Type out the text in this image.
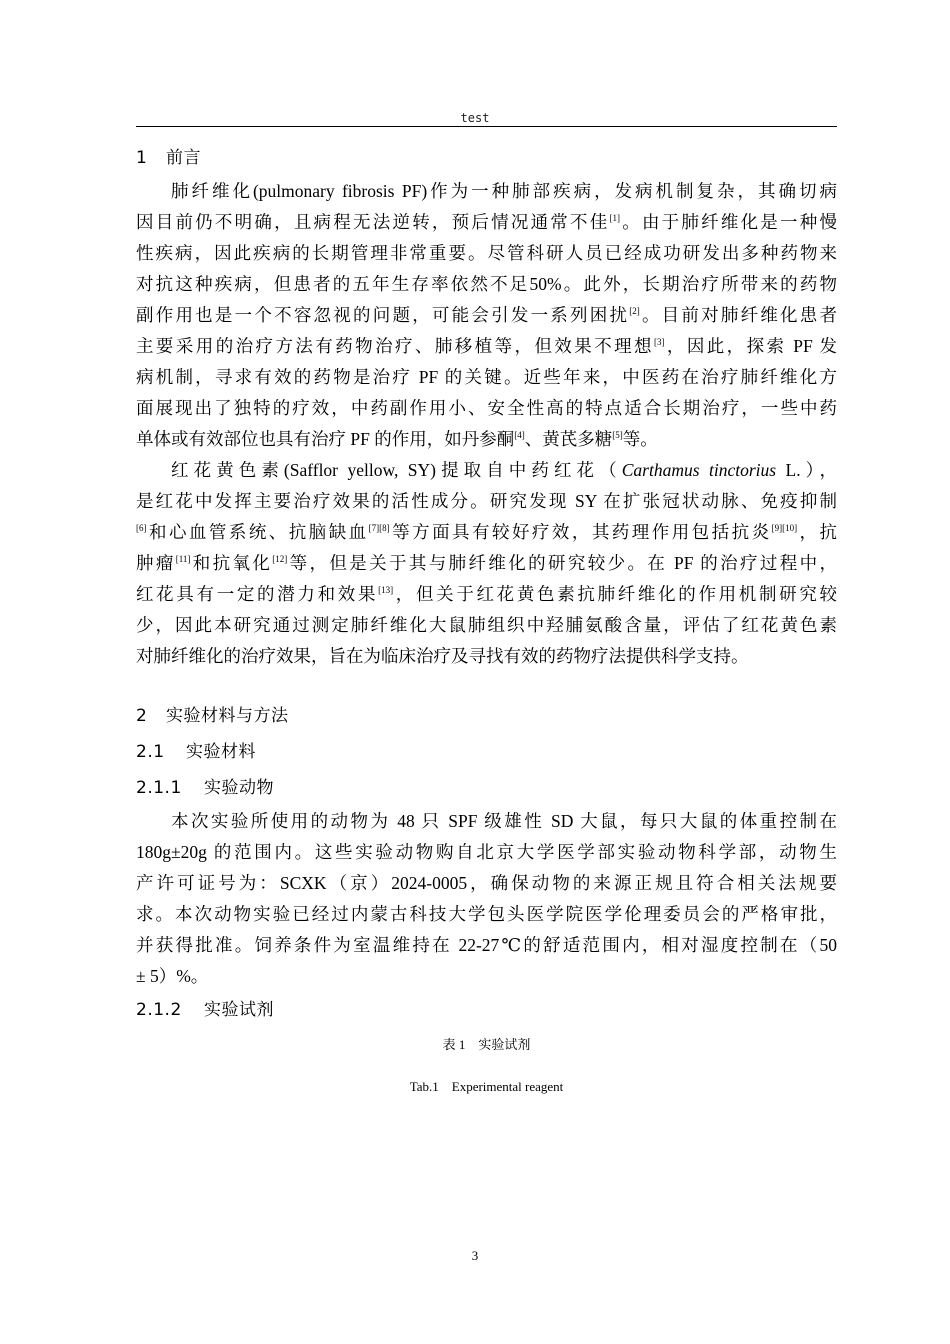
test
1 前言

肺纤维化(pulmonary fibrosis PF)作为一种肺部疾病，发病机制复杂，其确切病
因目前仍不明确，且病程无法逆转，预后情况通常不佳[1]。由于肺纤维化是一种慢
性疾病，因此疾病的长期管理非常重要。尽管科研人员已经成功研发出多种药物来
对抗这种疾病，但患者的五年生存率依然不足50%。此外，长期治疗所带来的药物
副作用也是一个不容忽视的问题，可能会引发一系列困扰[2]。目前对肺纤维化患者
主要采用的治疗方法有药物治疗、肺移植等，但效果不理想[3]，因此，探索 PF 发
病机制，寻求有效的药物是治疗 PF 的关键。近些年来，中医药在治疗肺纤维化方
面展现出了独特的疗效，中药副作用小、安全性高的特点适合长期治疗，一些中药
单体或有效部位也具有治疗 PF 的作用，如丹参酮[4]、黄芪多糖[5]等。

红花黄色素(Safflor yellow, SY)提取自中药红花（Carthamus tinctorius L.），
是红花中发挥主要治疗效果的活性成分。研究发现 SY 在扩张冠状动脉、免疫抑制
[6]和心血管系统、抗脑缺血[7][8]等方面具有较好疗效，其药理作用包括抗炎[9][10]，抗
肿瘤[11]和抗氧化[12]等，但是关于其与肺纤维化的研究较少。在 PF 的治疗过程中，
红花具有一定的潜力和效果[13]，但关于红花黄色素抗肺纤维化的作用机制研究较
少，因此本研究通过测定肺纤维化大鼠肺组织中羟脯氨酸含量，评估了红花黄色素
对肺纤维化的治疗效果，旨在为临床治疗及寻找有效的药物疗法提供科学支持。

2 实验材料与方法
2.1 实验材料
2.1.1 实验动物

本次实验所使用的动物为 48 只 SPF 级雄性 SD 大鼠，每只大鼠的体重控制在
180g±20g 的范围内。这些实验动物购自北京大学医学部实验动物科学部，动物生
产许可证号为：SCXK（京）2024-0005，确保动物的来源正规且符合相关法规要
求。本次动物实验已经过内蒙古科技大学包头医学院医学伦理委员会的严格审批，
并获得批准。饲养条件为室温维持在 22-27℃的舒适范围内，相对湿度控制在（50
± 5）%。

2.1.2 实验试剂
表 1　实验试剂
Tab.1　Experimental reagent
3
